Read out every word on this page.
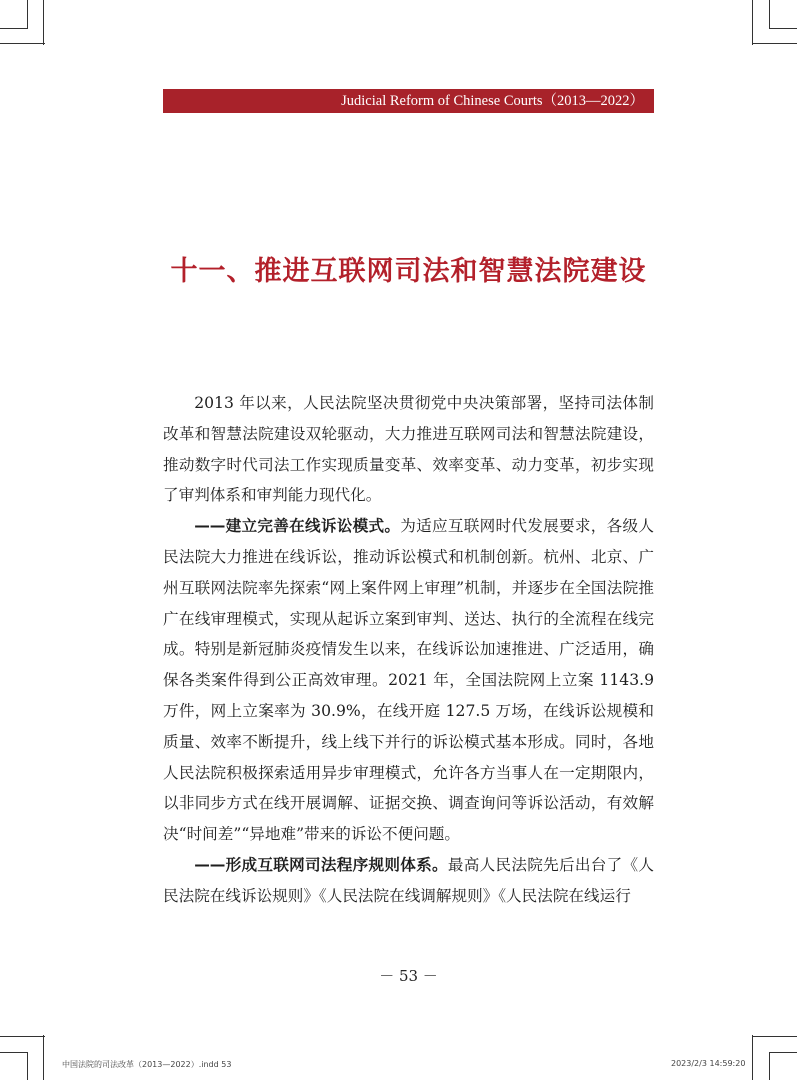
Judicial Reform of Chinese Courts（2013—2022）
十一、推进互联网司法和智慧法院建设

2013 年以来，人民法院坚决贯彻党中央决策部署，坚持司法体制改革和智慧法院建设双轮驱动，大力推进互联网司法和智慧法院建设，推动数字时代司法工作实现质量变革、效率变革、动力变革，初步实现了审判体系和审判能力现代化。

——建立完善在线诉讼模式。为适应互联网时代发展要求，各级人民法院大力推进在线诉讼，推动诉讼模式和机制创新。杭州、北京、广州互联网法院率先探索“网上案件网上审理”机制，并逐步在全国法院推广在线审理模式，实现从起诉立案到审判、送达、执行的全流程在线完成。特别是新冠肺炎疫情发生以来，在线诉讼加速推进、广泛适用，确保各类案件得到公正高效审理。2021 年，全国法院网上立案 1143.9 万件，网上立案率为 30.9%，在线开庭 127.5 万场，在线诉讼规模和质量、效率不断提升，线上线下并行的诉讼模式基本形成。同时，各地人民法院积极探索适用异步审理模式，允许各方当事人在一定期限内，以非同步方式在线开展调解、证据交换、调查询问等诉讼活动，有效解决“时间差”“异地难”带来的诉讼不便问题。

——形成互联网司法程序规则体系。最高人民法院先后出台了《人民法院在线诉讼规则》《人民法院在线调解规则》《人民法院在线运行

－ 53 －
中国法院的司法改革（2013—2022）.indd 53	2023/2/3 14:59:20
